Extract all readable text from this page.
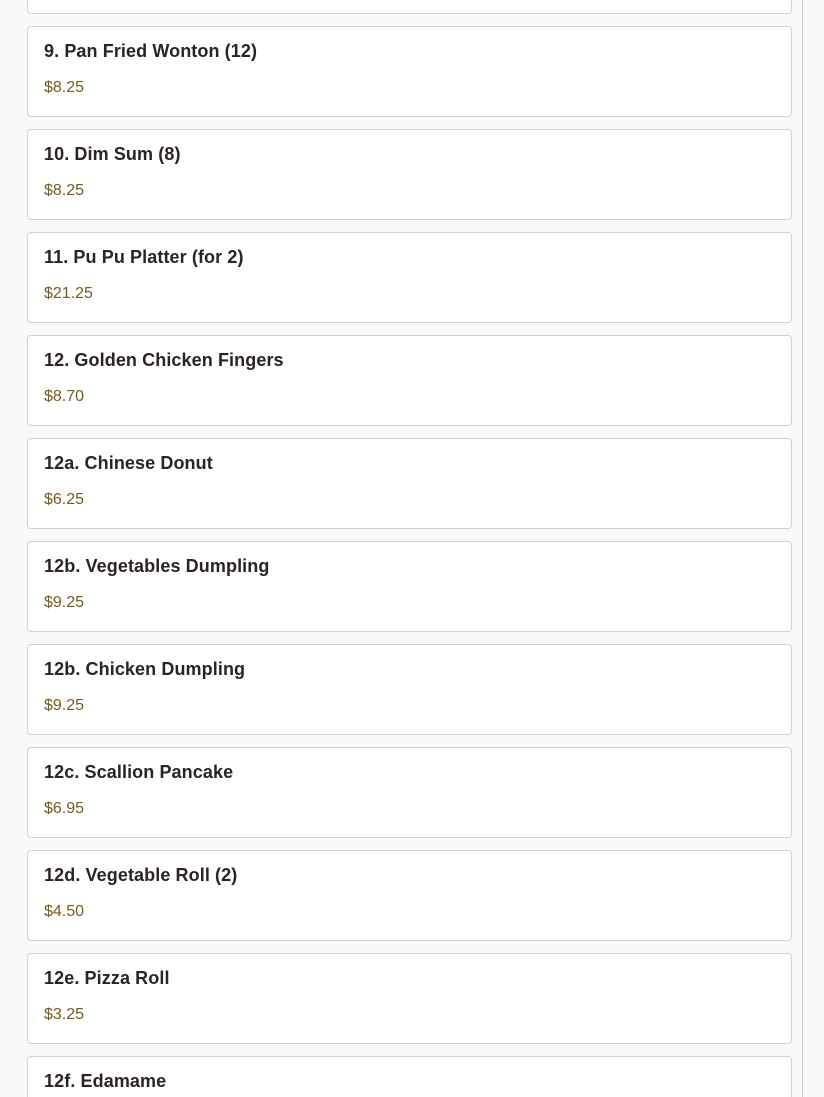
9. Pan Fried Wonton (12)
$8.25
10. Dim Sum (8)
$8.25
11. Pu Pu Platter (for 2)
$21.25
12. Golden Chicken Fingers
$8.70
12a. Chinese Donut
$6.25
12b. Vegetables Dumpling
$9.25
12b. Chicken Dumpling
$9.25
12c. Scallion Pancake
$6.95
12d. Vegetable Roll (2)
$4.50
12e. Pizza Roll
$3.25
12f. Edamame
